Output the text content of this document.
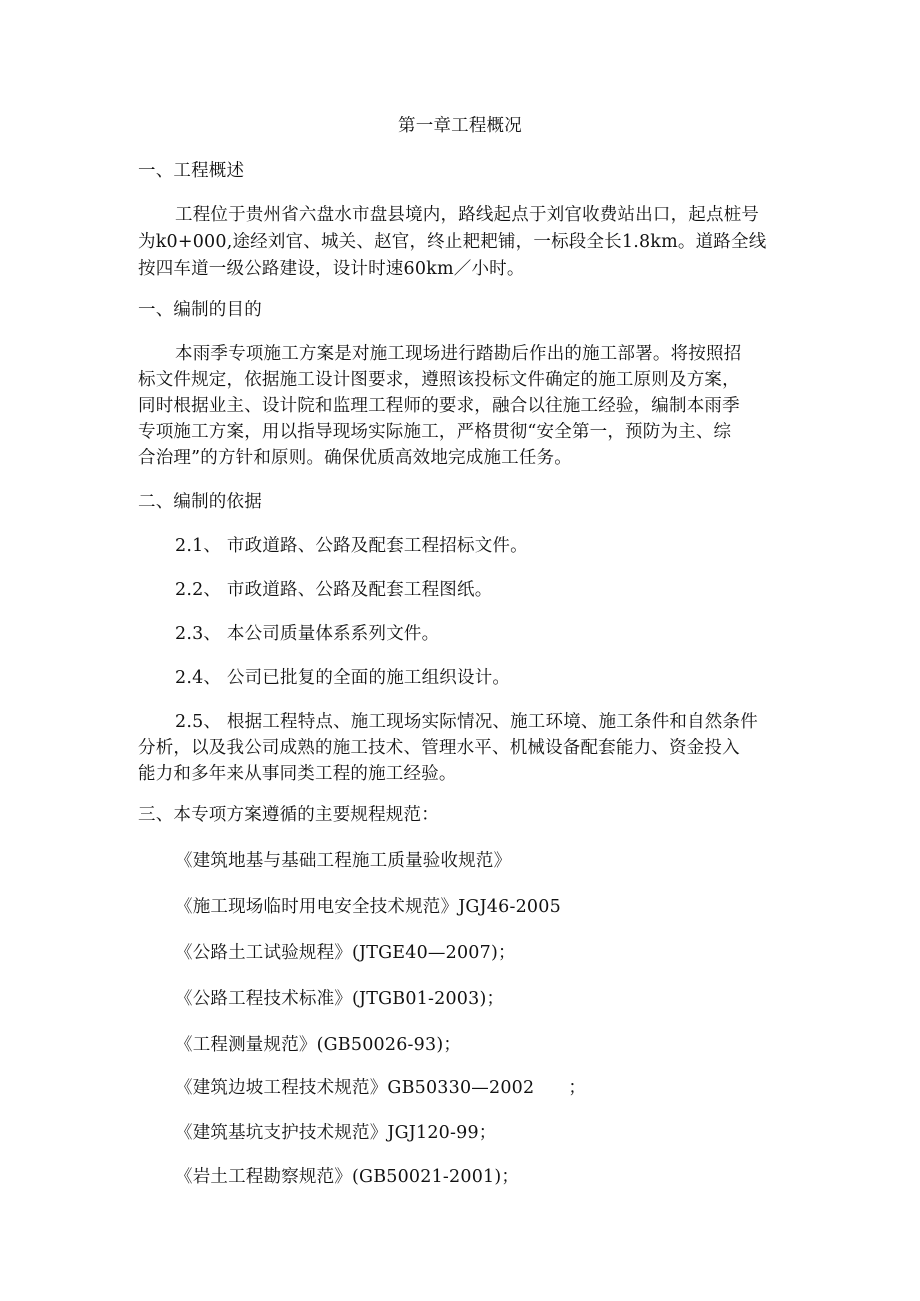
第一章工程概况
一、工程概述
工程位于贵州省六盘水市盘县境内，路线起点于刘官收费站出口，起点桩号
为k0+000,途经刘官、城关、赵官，终止耙耙铺，一标段全长1.8km。道路全线
按四车道一级公路建设，设计时速60km／小时。
一、编制的目的
本雨季专项施工方案是对施工现场进行踏勘后作出的施工部署。将按照招
标文件规定，依据施工设计图要求，遵照该投标文件确定的施工原则及方案，
同时根据业主、设计院和监理工程师的要求，融合以往施工经验，编制本雨季
专项施工方案，用以指导现场实际施工，严格贯彻“安全第一，预防为主、综
合治理”的方针和原则。确保优质高效地完成施工任务。
二、编制的依据
2.1、 市政道路、公路及配套工程招标文件。
2.2、 市政道路、公路及配套工程图纸。
2.3、 本公司质量体系系列文件。
2.4、 公司已批复的全面的施工组织设计。
2.5、 根据工程特点、施工现场实际情况、施工环境、施工条件和自然条件
分析，以及我公司成熟的施工技术、管理水平、机械设备配套能力、资金投入
能力和多年来从事同类工程的施工经验。
三、本专项方案遵循的主要规程规范：
《建筑地基与基础工程施工质量验收规范》
《施工现场临时用电安全技术规范》JGJ46-2005
《公路土工试验规程》(JTGE40—2007)；
《公路工程技术标准》(JTGB01-2003)；
《工程测量规范》(GB50026-93)；
《建筑边坡工程技术规范》GB50330—2002 ；
《建筑基坑支护技术规范》JGJ120-99；
《岩土工程勘察规范》(GB50021-2001)；
